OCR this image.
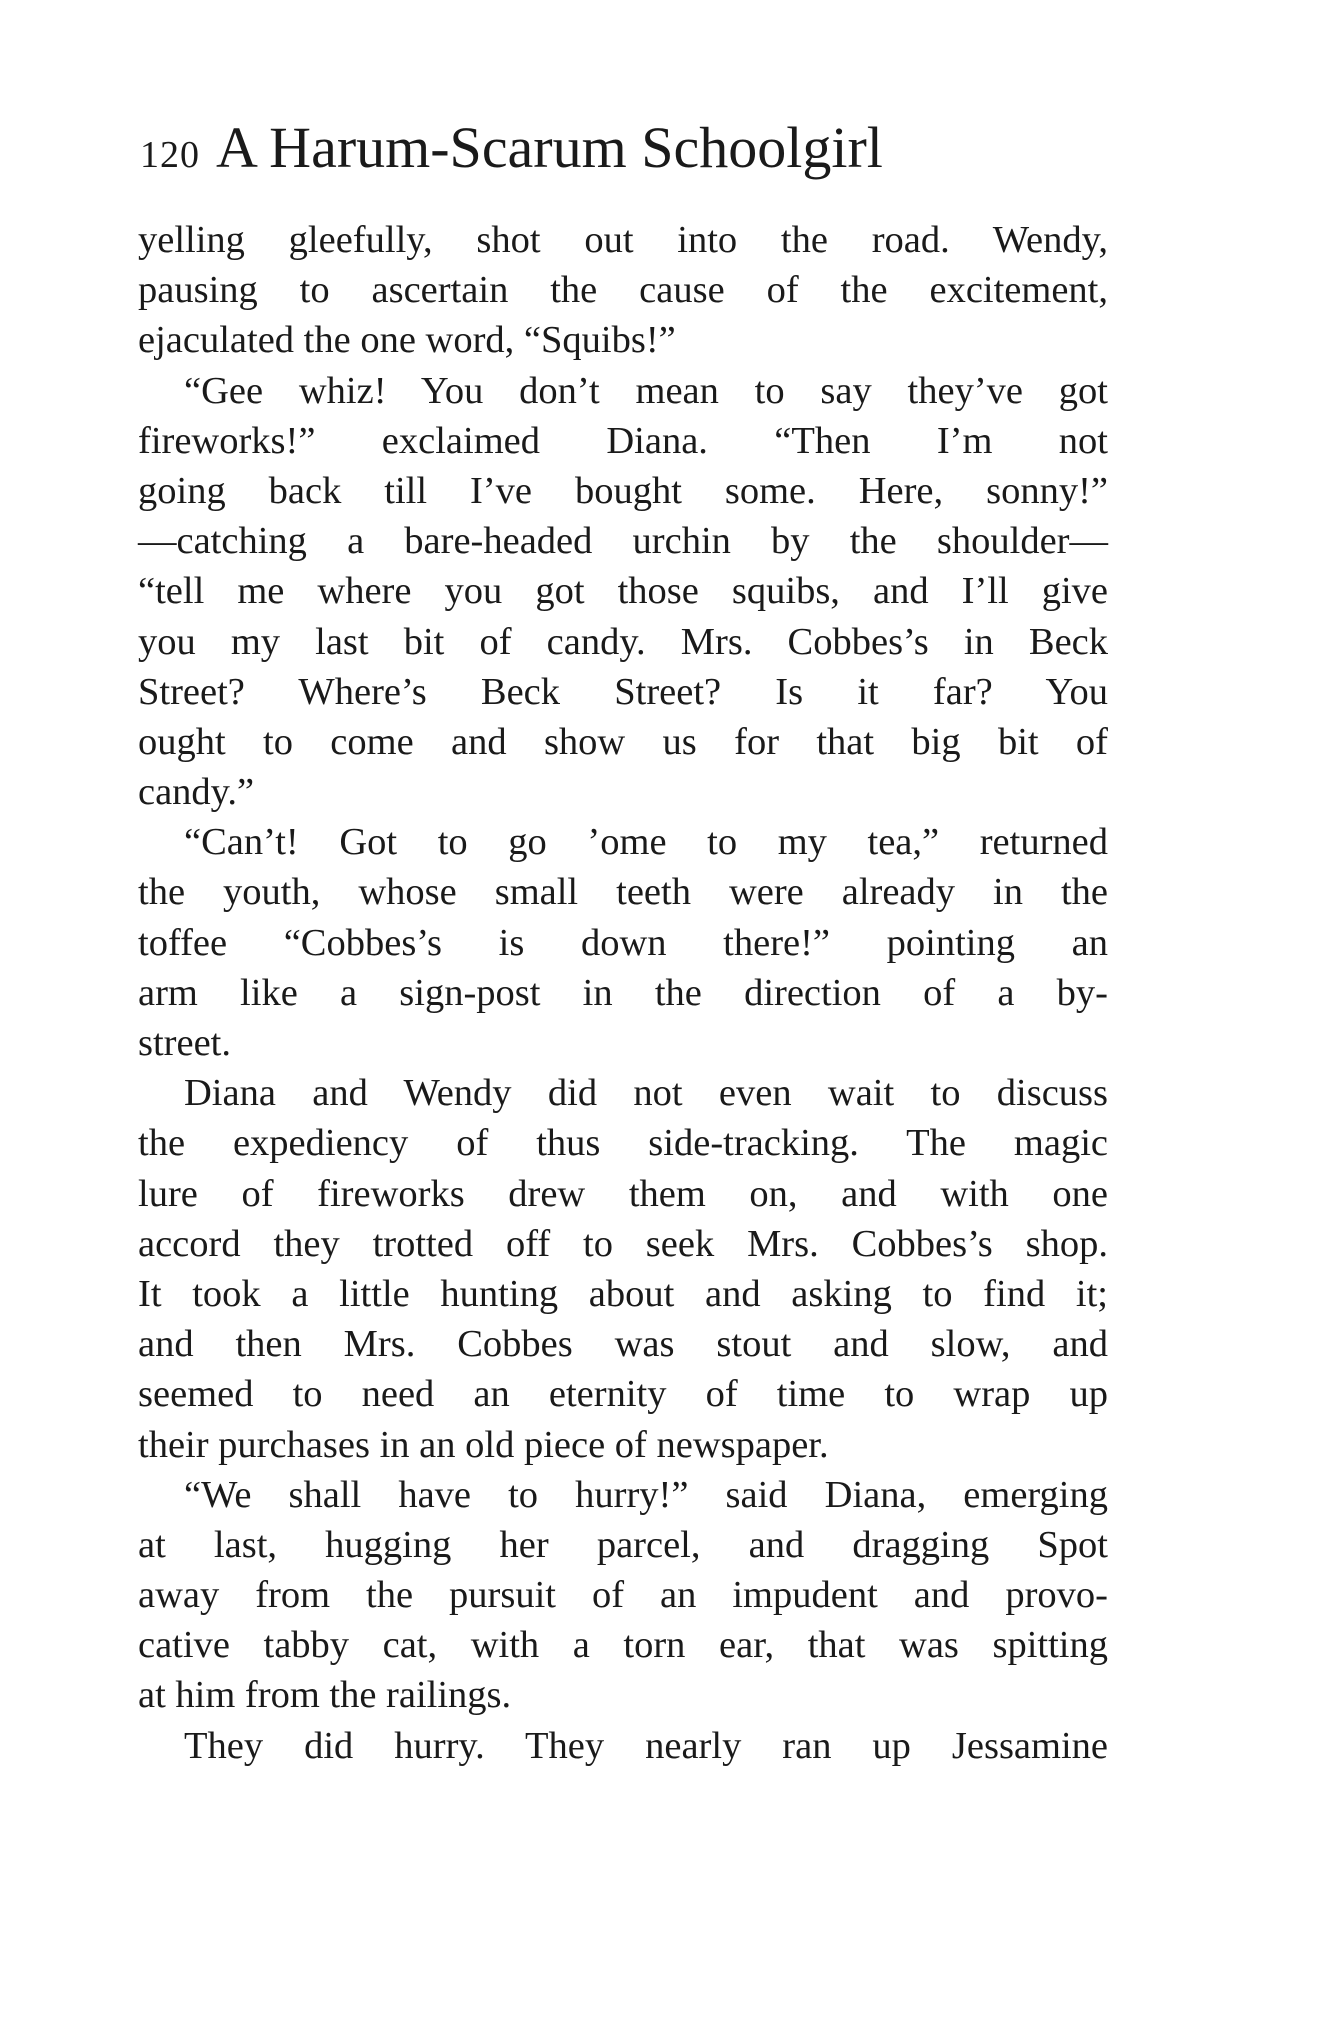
120 A Harum-Scarum Schoolgirl
yelling gleefully, shot out into the road. Wendy,
pausing to ascertain the cause of the excitement,
ejaculated the one word, “Squibs!”
“Gee whiz! You don’t mean to say they’ve got
fireworks!” exclaimed Diana. “Then I’m not
going back till I’ve bought some. Here, sonny!”
—catching a bare-headed urchin by the shoulder—
“tell me where you got those squibs, and I’ll give
you my last bit of candy. Mrs. Cobbes’s in Beck
Street? Where’s Beck Street? Is it far? You
ought to come and show us for that big bit of
candy.”
“Can’t! Got to go ’ome to my tea,” returned
the youth, whose small teeth were already in the
toffee “Cobbes’s is down there!” pointing an
arm like a sign-post in the direction of a by-
street.
Diana and Wendy did not even wait to discuss
the expediency of thus side-tracking. The magic
lure of fireworks drew them on, and with one
accord they trotted off to seek Mrs. Cobbes’s shop.
It took a little hunting about and asking to find it;
and then Mrs. Cobbes was stout and slow, and
seemed to need an eternity of time to wrap up
their purchases in an old piece of newspaper.
“We shall have to hurry!” said Diana, emerging
at last, hugging her parcel, and dragging Spot
away from the pursuit of an impudent and provo-
cative tabby cat, with a torn ear, that was spitting
at him from the railings.
They did hurry. They nearly ran up Jessamine
